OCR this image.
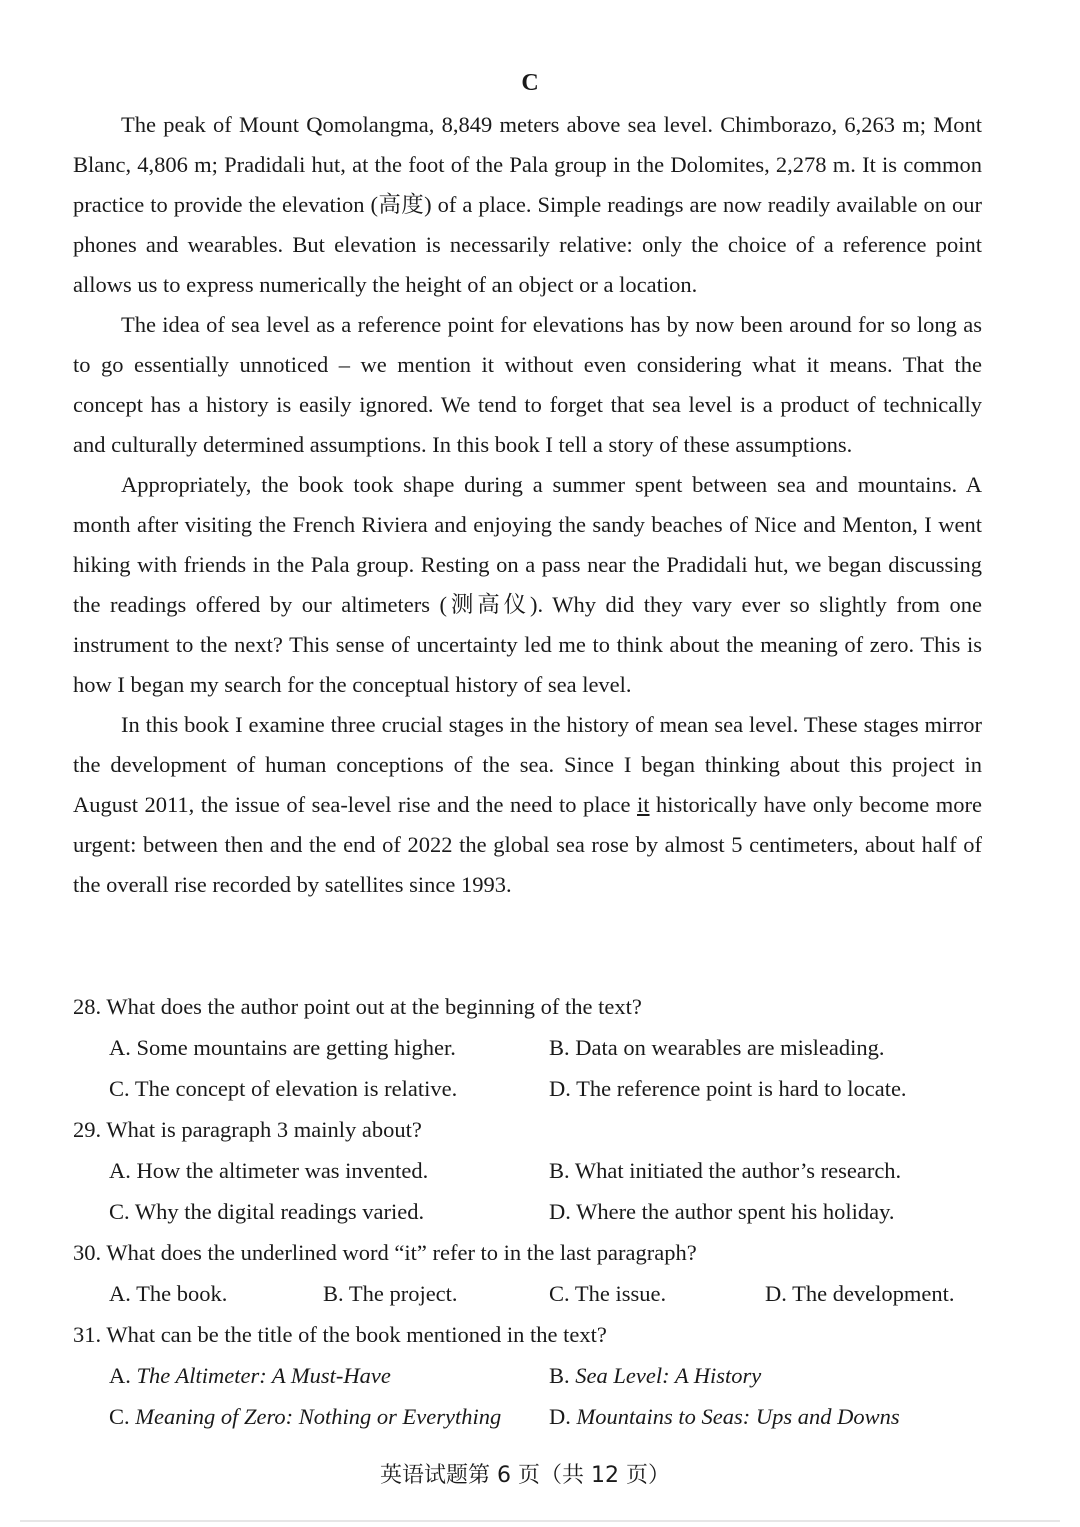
C

The peak of Mount Qomolangma, 8,849 meters above sea level. Chimborazo, 6,263 m; Mont Blanc, 4,806 m; Pradidali hut, at the foot of the Pala group in the Dolomites, 2,278 m. It is common practice to provide the elevation (高度) of a place. Simple readings are now readily available on our phones and wearables. But elevation is necessarily relative: only the choice of a reference point allows us to express numerically the height of an object or a location.

The idea of sea level as a reference point for elevations has by now been around for so long as to go essentially unnoticed – we mention it without even considering what it means. That the concept has a history is easily ignored. We tend to forget that sea level is a product of technically and culturally determined assumptions. In this book I tell a story of these assumptions.

Appropriately, the book took shape during a summer spent between sea and mountains. A month after visiting the French Riviera and enjoying the sandy beaches of Nice and Menton, I went hiking with friends in the Pala group. Resting on a pass near the Pradidali hut, we began discussing the readings offered by our altimeters (测高仪). Why did they vary ever so slightly from one instrument to the next? This sense of uncertainty led me to think about the meaning of zero. This is how I began my search for the conceptual history of sea level.

In this book I examine three crucial stages in the history of mean sea level. These stages mirror the development of human conceptions of the sea. Since I began thinking about this project in August 2011, the issue of sea-level rise and the need to place it historically have only become more urgent: between then and the end of 2022 the global sea rose by almost 5 centimeters, about half of the overall rise recorded by satellites since 1993.

28. What does the author point out at the beginning of the text?
A. Some mountains are getting higher.	B. Data on wearables are misleading.
C. The concept of elevation is relative.	D. The reference point is hard to locate.
29. What is paragraph 3 mainly about?
A. How the altimeter was invented.	B. What initiated the author’s research.
C. Why the digital readings varied.	D. Where the author spent his holiday.
30. What does the underlined word “it” refer to in the last paragraph?
A. The book.	B. The project.	C. The issue.	D. The development.
31. What can be the title of the book mentioned in the text?
A. The Altimeter: A Must-Have	B. Sea Level: A History
C. Meaning of Zero: Nothing or Everything D. Mountains to Seas: Ups and Downs
英语试题第 6 页（共 12 页）
